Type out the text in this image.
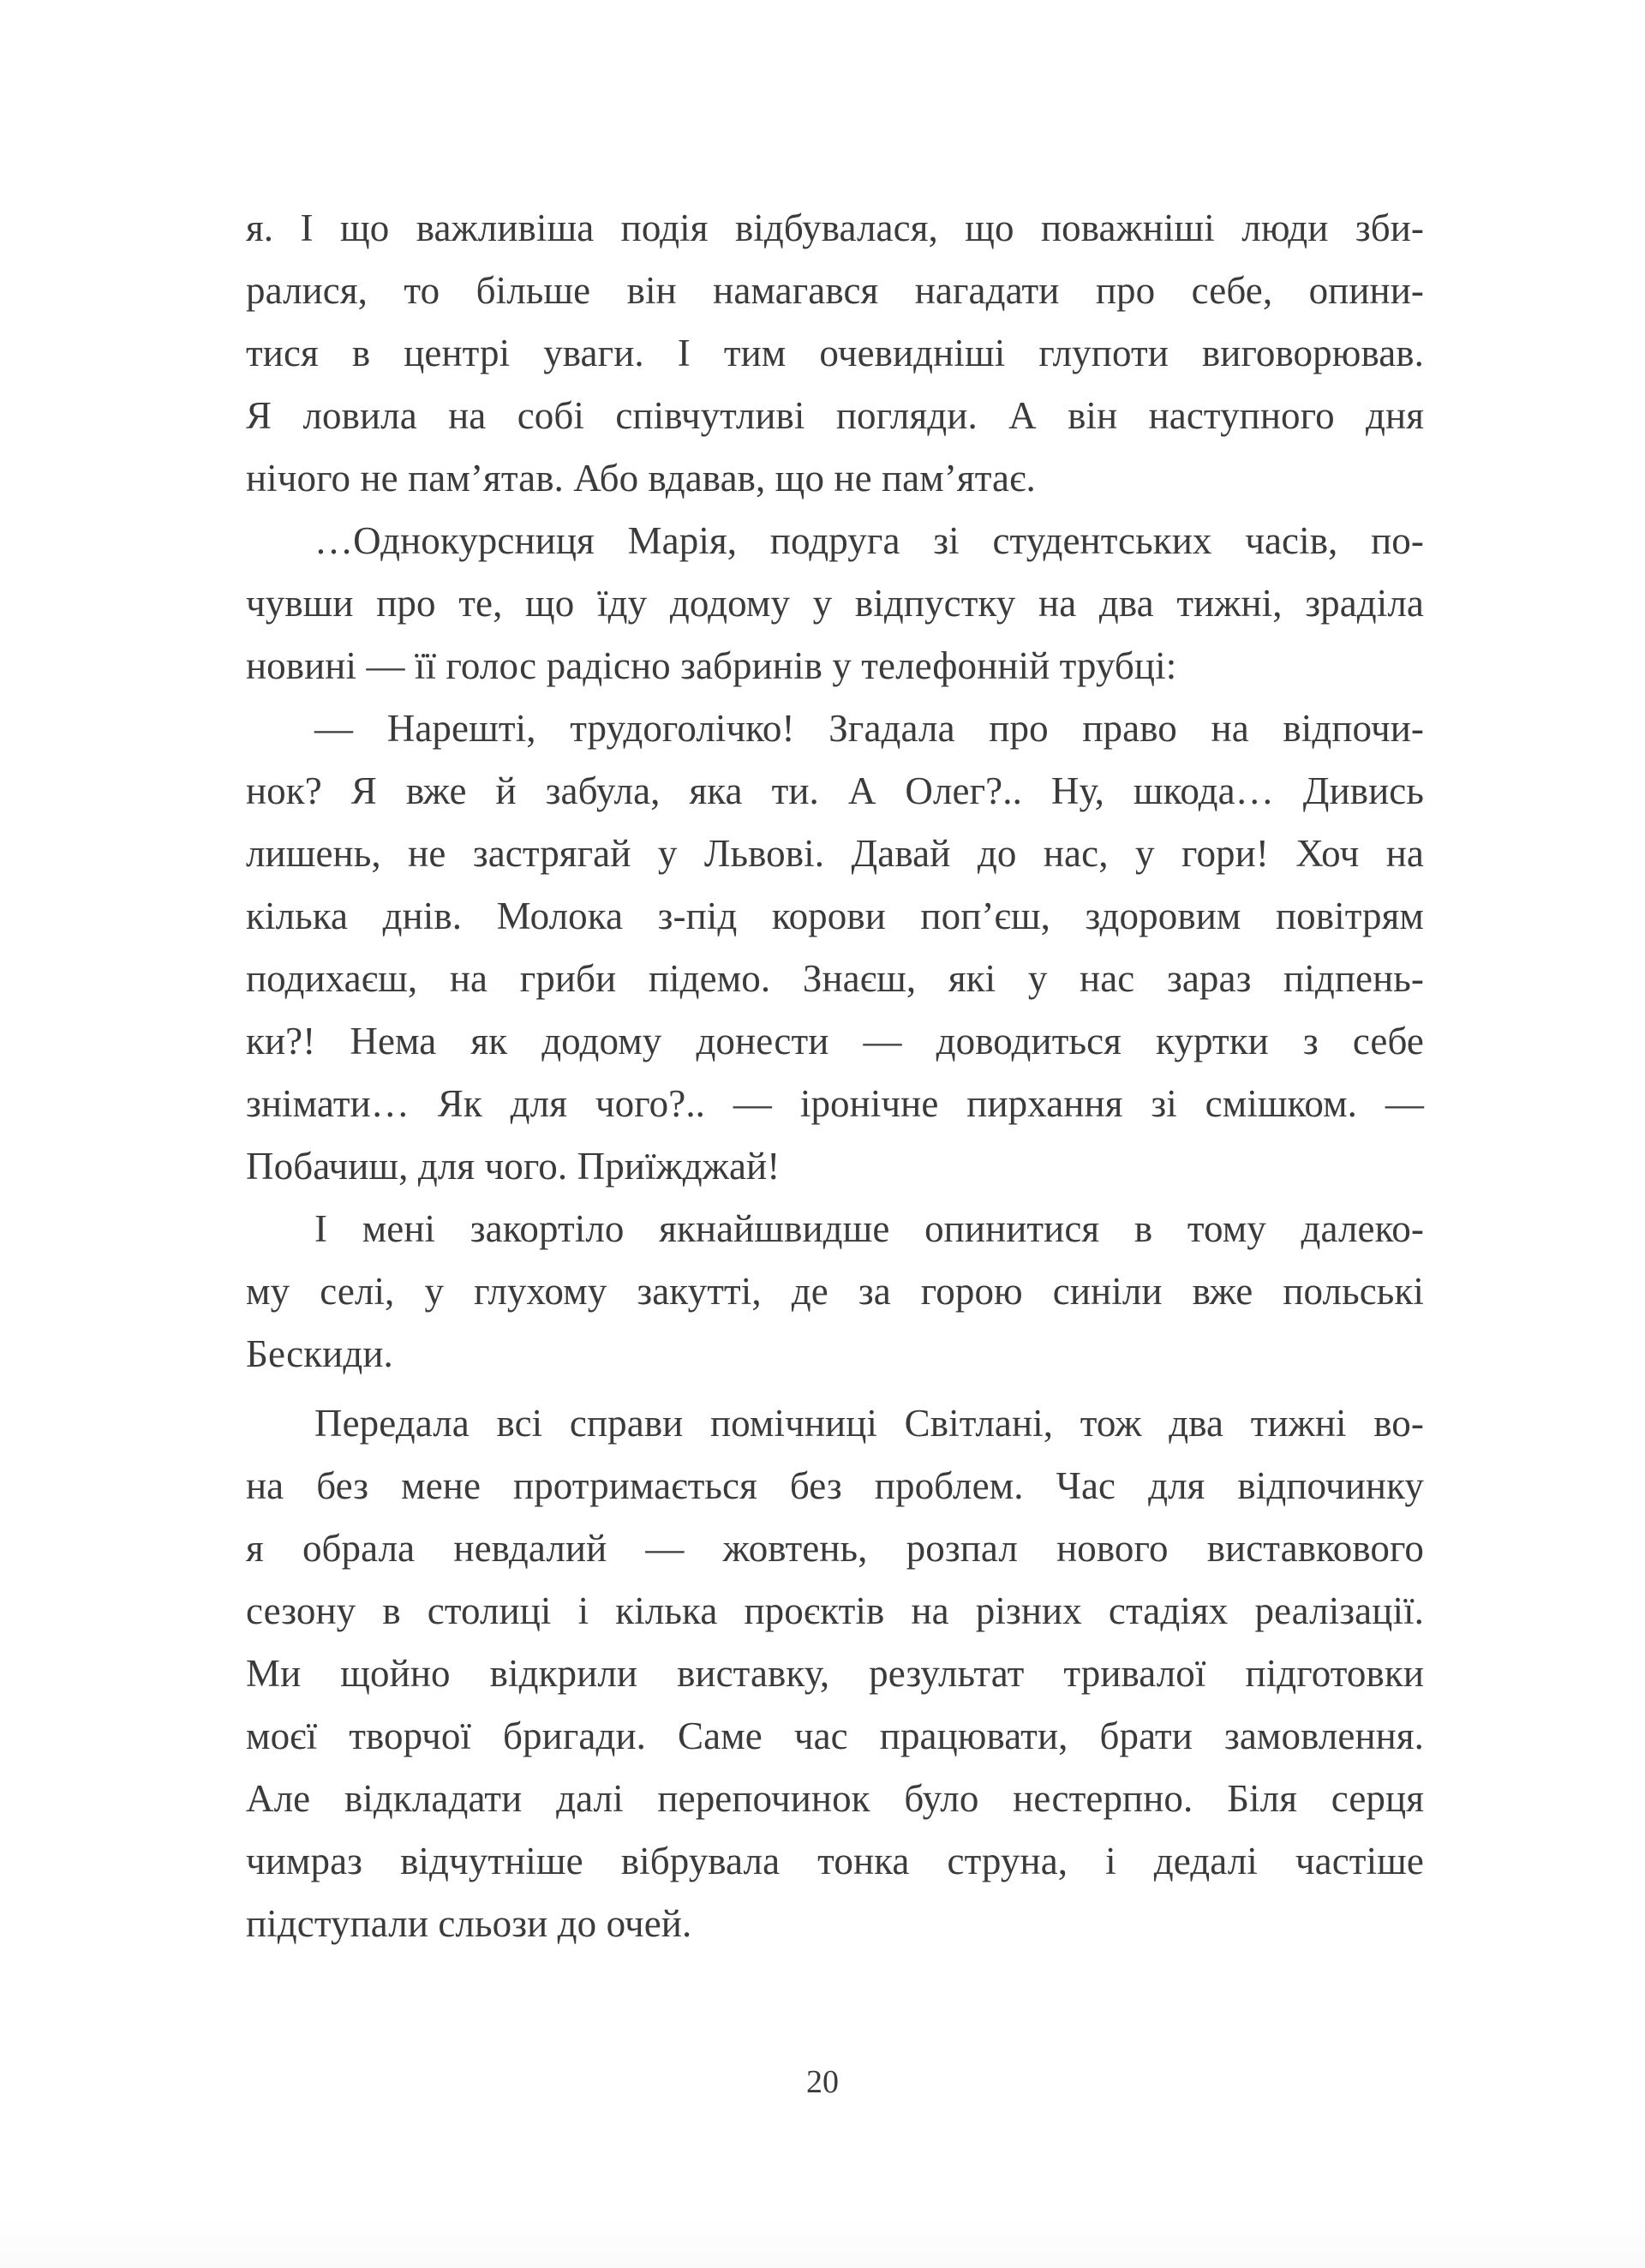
я. І що важливіша подія відбувалася, що поважніші люди зби-
ралися, то більше він намагався нагадати про себе, опини-
тися в центрі уваги. І тим очевидніші глупоти виговорював.
Я ловила на собі співчутливі погляди. А він наступного дня
нічого не пам’ятав. Або вдавав, що не пам’ятає.

…Однокурсниця Марія, подруга зі студентських часів, по-
чувши про те, що їду додому у відпустку на два тижні, зраділа
новині — її голос радісно забринів у телефонній трубці:

— Нарешті, трудоголічко! Згадала про право на відпочи-
нок? Я вже й забула, яка ти. А Олег?.. Ну, шкода… Дивись
лишень, не застрягай у Львові. Давай до нас, у гори! Хоч на
кілька днів. Молока з-під корови поп’єш, здоровим повітрям
подихаєш, на гриби підемо. Знаєш, які у нас зараз підпень-
ки?! Нема як додому донести — доводиться куртки з себе
знімати… Як для чого?.. — іронічне пирхання зі смішком. —
Побачиш, для чого. Приїжджай!

І мені закортіло якнайшвидше опинитися в тому далеко-
му селі, у глухому закутті, де за горою синіли вже польські
Бескиди.

Передала всі справи помічниці Світлані, тож два тижні во-
на без мене протримається без проблем. Час для відпочинку
я обрала невдалий — жовтень, розпал нового виставкового
сезону в столиці і кілька проєктів на різних стадіях реалізації.
Ми щойно відкрили виставку, результат тривалої підготовки
моєї творчої бригади. Саме час працювати, брати замовлення.
Але відкладати далі перепочинок було нестерпно. Біля серця
чимраз відчутніше вібрувала тонка струна, і дедалі частіше
підступали сльози до очей.

20
